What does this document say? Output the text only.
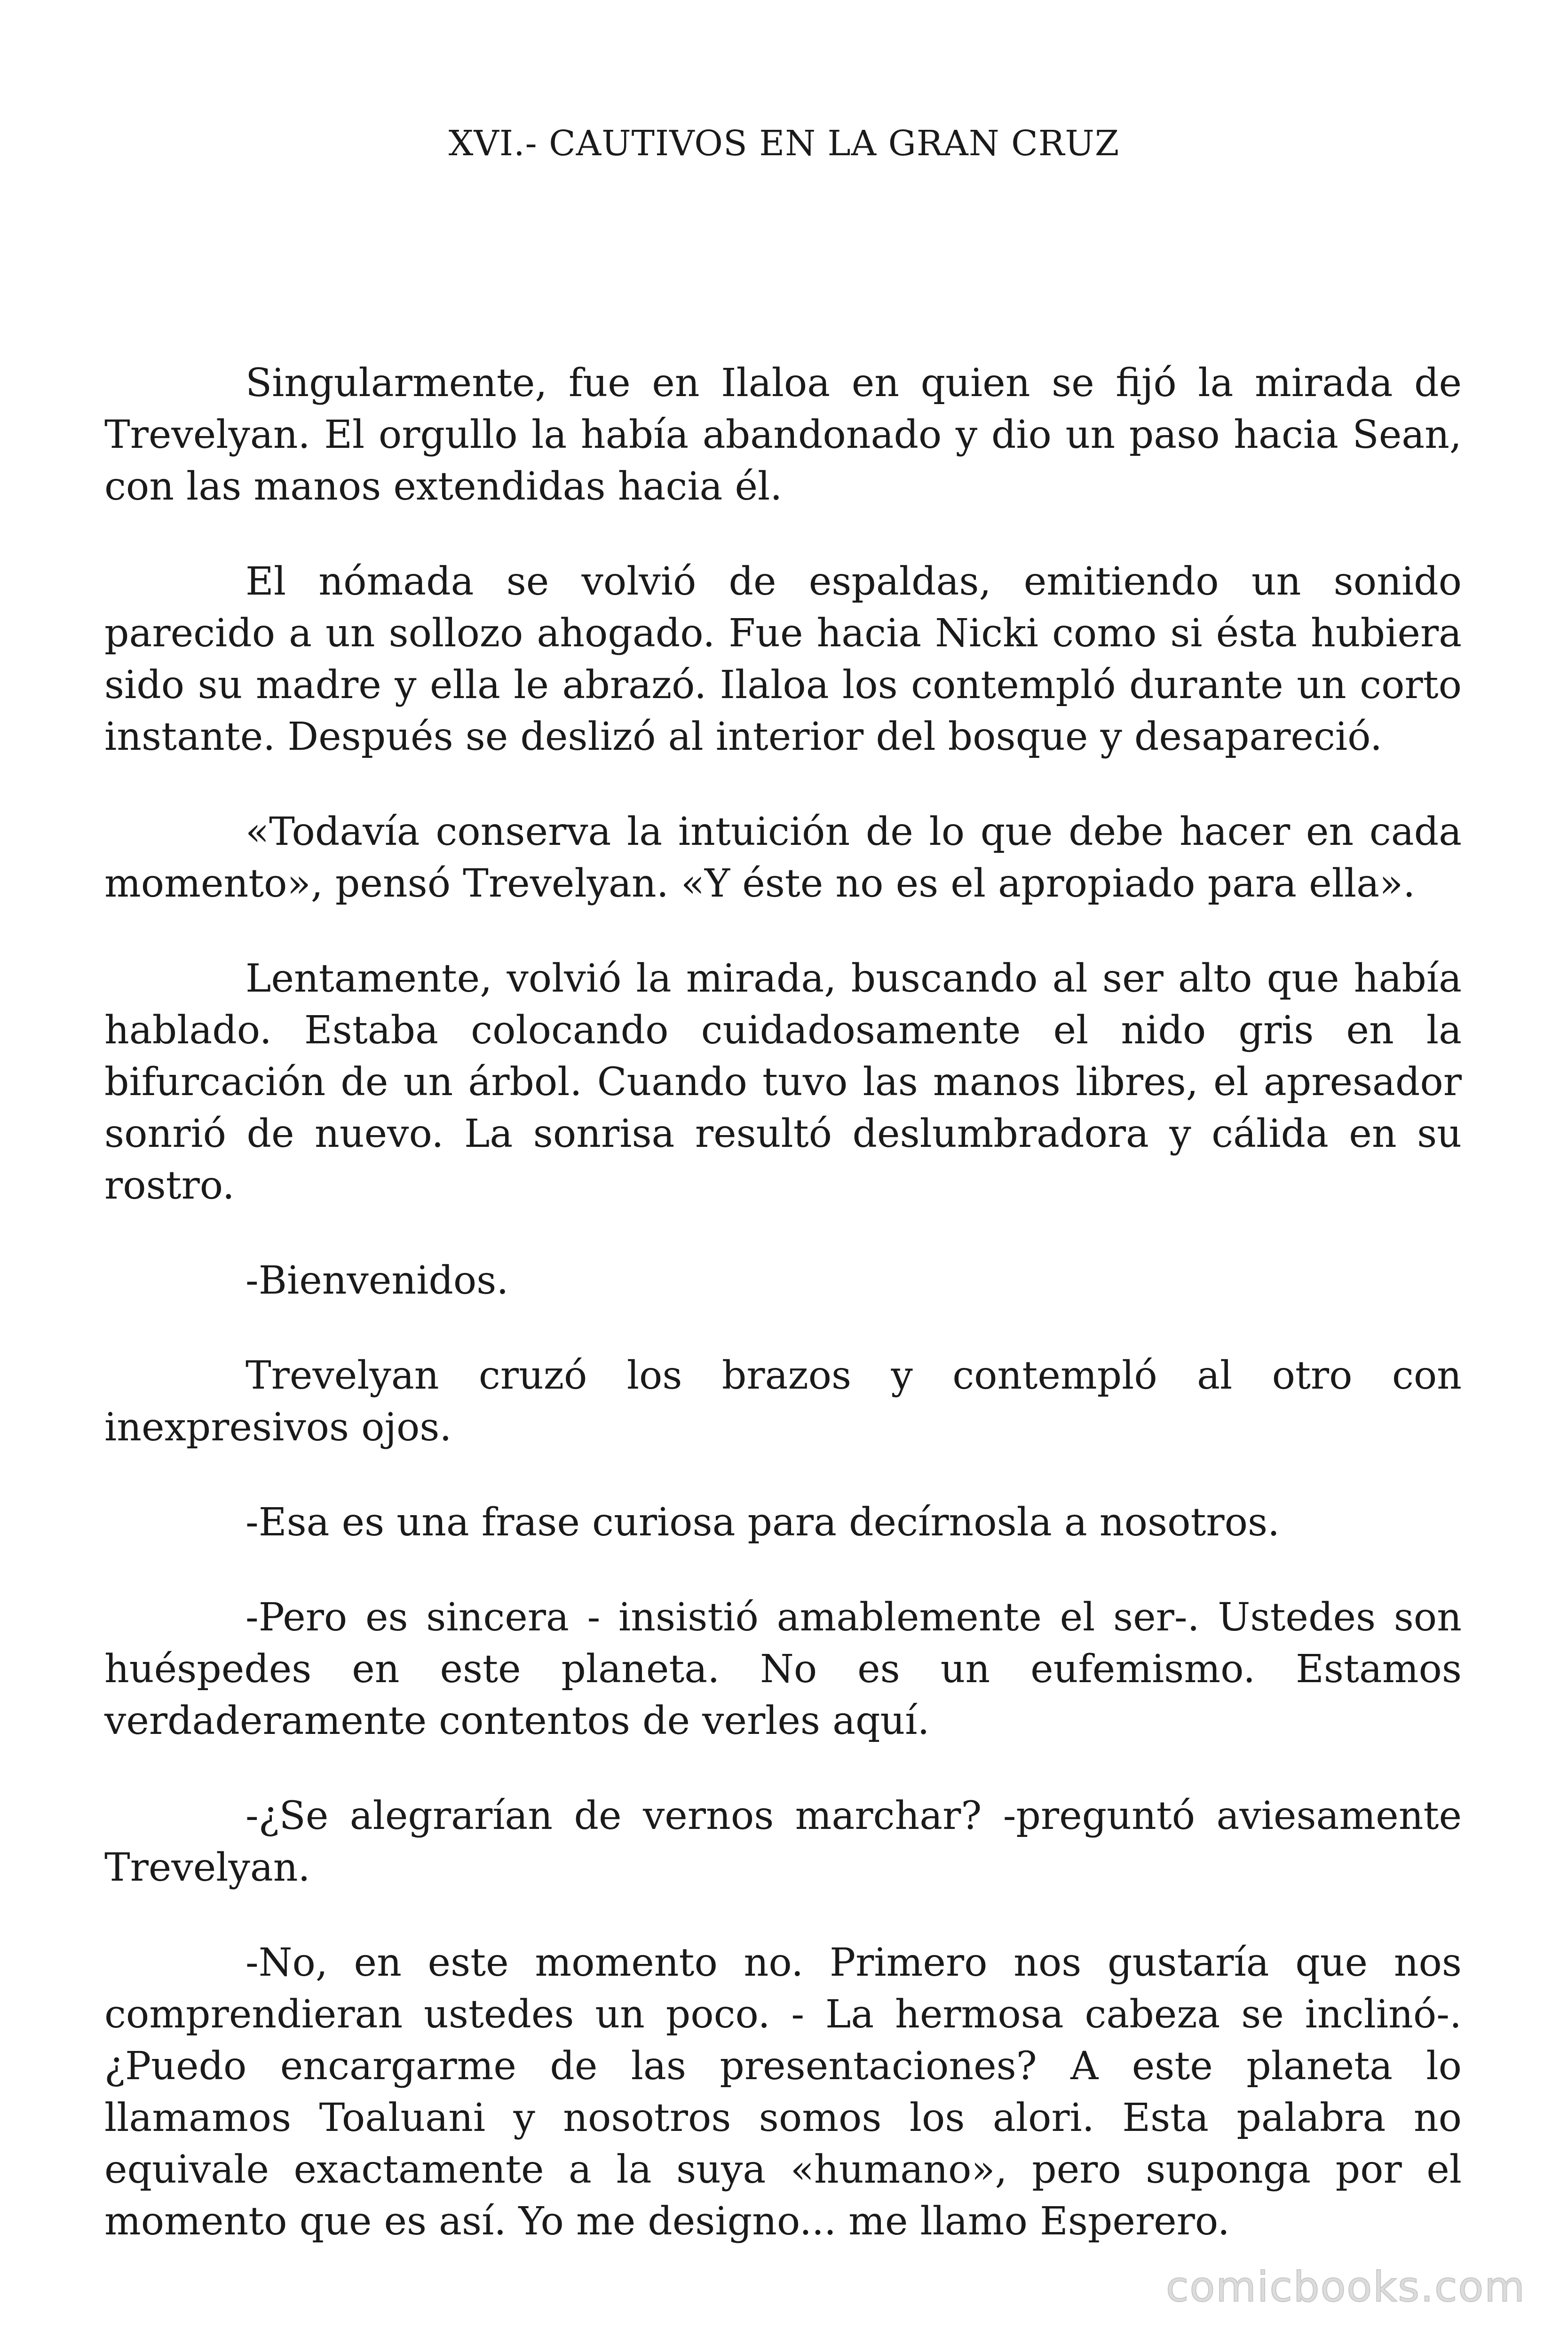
XVI.- CAUTIVOS EN LA GRAN CRUZ

Singularmente, fue en Ilaloa en quien se fijó la mirada de Trevelyan. El orgullo la había abandonado y dio un paso hacia Sean, con las manos extendidas hacia él.

El nómada se volvió de espaldas, emitiendo un sonido parecido a un sollozo ahogado. Fue hacia Nicki como si ésta hubiera sido su madre y ella le abrazó. Ilaloa los contempló durante un corto instante. Después se deslizó al interior del bosque y desapareció.

«Todavía conserva la intuición de lo que debe hacer en cada momento», pensó Trevelyan. «Y éste no es el apropiado para ella».

Lentamente, volvió la mirada, buscando al ser alto que había hablado. Estaba colocando cuidadosamente el nido gris en la bifurcación de un árbol. Cuando tuvo las manos libres, el apresador sonrió de nuevo. La sonrisa resultó deslumbradora y cálida en su rostro.

-Bienvenidos.

Trevelyan cruzó los brazos y contempló al otro con inexpresivos ojos.

-Esa es una frase curiosa para decírnosla a nosotros.

-Pero es sincera - insistió amablemente el ser-. Ustedes son huéspedes en este planeta. No es un eufemismo. Estamos verdaderamente contentos de verles aquí.

-¿Se alegrarían de vernos marchar? -preguntó aviesamente Trevelyan.

-No, en este momento no. Primero nos gustaría que nos comprendieran ustedes un poco. - La hermosa cabeza se inclinó-. ¿Puedo encargarme de las presentaciones? A este planeta lo llamamos Toaluani y nosotros somos los alori. Esta palabra no equivale exactamente a la suya «humano», pero suponga por el momento que es así. Yo me designo... me llamo Esperero.

comicbooks.com
